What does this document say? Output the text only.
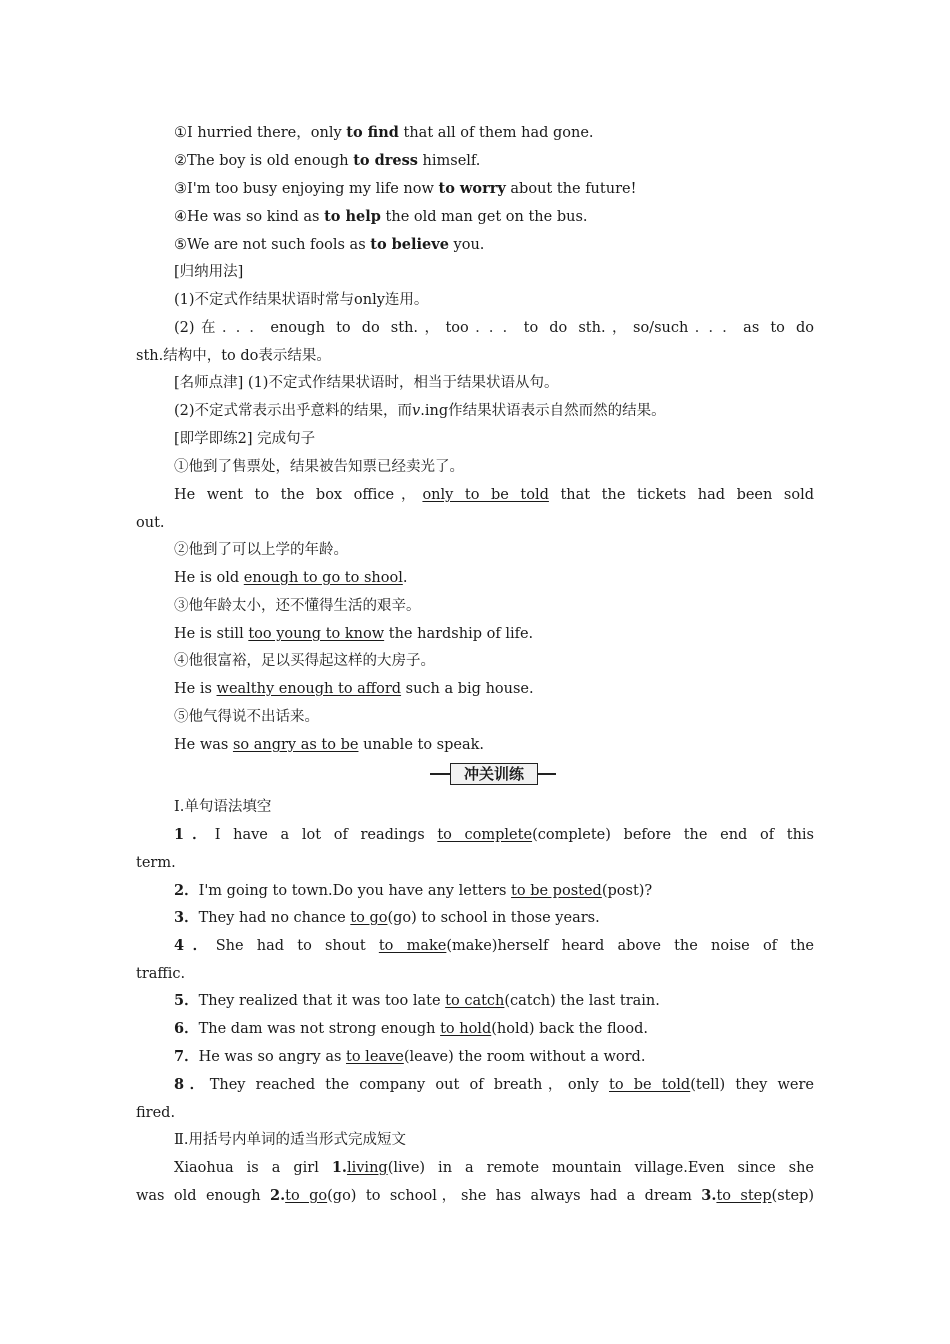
①I hurried there，only to find that all of them had gone.
②The boy is old enough to dress himself.
③I'm too busy enjoying my life now to worry about the future!
④He was so kind as to help the old man get on the bus.
⑤We are not such fools as to believe you.
[归纳用法]
(1)不定式作结果状语时常与only连用。
(2)在．．．enough to do sth.，too．．．to do sth.，so/such．．．as to do
sth.结构中，to do表示结果。
[名师点津] (1)不定式作结果状语时，相当于结果状语从句。
(2)不定式常表示出乎意料的结果，而v.ing作结果状语表示自然而然的结果。
[即学即练2] 完成句子
①他到了售票处，结果被告知票已经卖光了。
He went to the box office，only to be told that the tickets had been sold
out.
②他到了可以上学的年龄。
He is old enough to go to shool.
③他年龄太小，还不懂得生活的艰辛。
He is still too young to know the hardship of life.
④他很富裕，足以买得起这样的大房子。
He is wealthy enough to afford such a big house.
⑤他气得说不出话来。
He was so angry as to be unable to speak.
冲关训练
Ⅰ.单句语法填空
1．I have a lot of readings to complete(complete) before the end of this
term.
2．I'm going to town.Do you have any letters to be posted(post)?
3．They had no chance to go(go) to school in those years.
4．She had to shout to make(make)herself heard above the noise of the
traffic.
5．They realized that it was too late to catch(catch) the last train.
6．The dam was not strong enough to hold(hold) back the flood.
7．He was so angry as to leave(leave) the room without a word.
8．They reached the company out of breath，only to be told(tell) they were
fired.
Ⅱ.用括号内单词的适当形式完成短文
Xiaohua is a girl 1.living(live) in a remote mountain village.Even since she
was old enough 2.to go(go) to school，she has always had a dream 3.to step(step)
